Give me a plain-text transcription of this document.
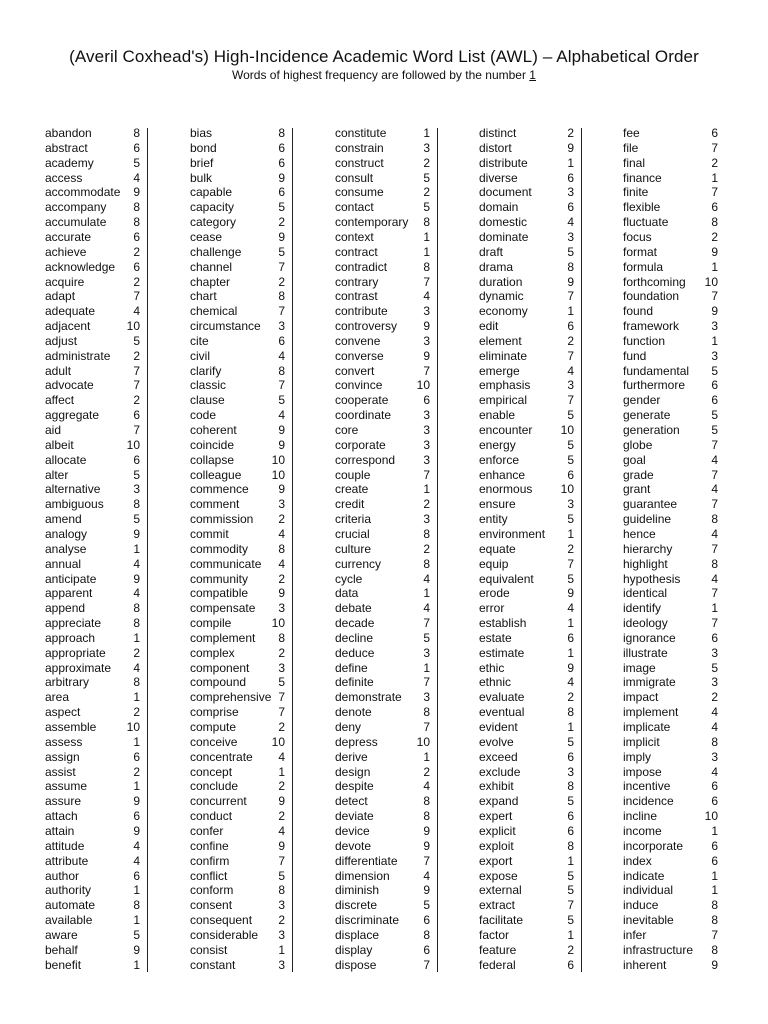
(Averil Coxhead's) High-Incidence Academic Word List (AWL) – Alphabetical Order
Words of highest frequency are followed by the number 1
abandon	8
abstract	6
academy	5
access	4
accommodate 9
accompany 8
accumulate 8
accurate	6
achieve	2
acknowledge 6
acquire	2
adapt	7
adequate	4
adjacent	10
adjust	5
administrate 2
adult	7
advocate	7
affect	2
aggregate	6
aid	7
albeit	10
allocate	6
alter	5
alternative	3
ambiguous 8
amend	5
analogy	9
analyse	1
annual	4
anticipate	9
apparent	4
append	8
appreciate	8
approach	1
appropriate 2
approximate 4
arbitrary	8
area	1
aspect	2
assemble	10
assess	1
assign	6
assist	2
assume	1
assure	9
attach	6
attain	9
attitude	4
attribute	4
author	6
authority	1
automate	8
available	1
aware	5
behalf	9
benefit	1
bias	8
bond	6
brief	6
bulk	9
capable	6
capacity	5
category	2
cease	9
challenge	5
channel	7
chapter	2
chart	8
chemical	7
circumstance 3
cite	6
civil	4
clarify	8
classic	7
clause	5
code	4
coherent	9
coincide	9
collapse	10
colleague	10
commence 9
comment	3
commission 2
commit	4
commodity	8
communicate 4
community	2
compatible	9
compensate 3
compile	10
complement 8
complex	2
component 3
compound	5
comprehensive 7
comprise	7
compute	2
conceive	10
concentrate 4
concept	1
conclude	2
concurrent	9
conduct	2
confer	4
confine	9
confirm	7
conflict	5
conform	8
consent	3
consequent 2
considerable 3
consist	1
constant	3
constitute	1
constrain	3
construct	2
consult	5
consume	2
contact	5
contemporary 8
context	1
contract	1
contradict	8
contrary	7
contrast	4
contribute	3
controversy 9
convene	3
converse	9
convert	7
convince	10
cooperate	6
coordinate	3
core	3
corporate	3
correspond 3
couple	7
create	1
credit	2
criteria	3
crucial	8
culture	2
currency	8
cycle	4
data	1
debate	4
decade	7
decline	5
deduce	3
define	1
definite	7
demonstrate 3
denote	8
deny	7
depress	10
derive	1
design	2
despite	4
detect	8
deviate	8
device	9
devote	9
differentiate 7
dimension	4
diminish	9
discrete	5
discriminate 6
displace	8
display	6
dispose	7
distinct	2
distort	9
distribute	1
diverse	6
document	3
domain	6
domestic	4
dominate	3
draft	5
drama	8
duration	9
dynamic	7
economy	1
edit	6
element	2
eliminate	7
emerge	4
emphasis	3
empirical	7
enable	5
encounter 10
energy	5
enforce	5
enhance	6
enormous 10
ensure	3
entity	5
environment 1
equate	2
equip	7
equivalent	5
erode	9
error	4
establish	1
estate	6
estimate	1
ethic	9
ethnic	4
evaluate	2
eventual	8
evident	1
evolve	5
exceed	6
exclude	3
exhibit	8
expand	5
expert	6
explicit	6
exploit	8
export	1
expose	5
external	5
extract	7
facilitate	5
factor	1
feature	2
federal	6
fee	6
file	7
final	2
finance	1
finite	7
flexible	6
fluctuate	8
focus	2
format	9
formula	1
forthcoming 10
foundation	7
found	9
framework	3
function	1
fund	3
fundamental 5
furthermore 6
gender	6
generate	5
generation	5
globe	7
goal	4
grade	7
grant	4
guarantee	7
guideline	8
hence	4
hierarchy	7
highlight	8
hypothesis	4
identical	7
identify	1
ideology	7
ignorance	6
illustrate	3
image	5
immigrate	3
impact	2
implement	4
implicate	4
implicit	8
imply	3
impose	4
incentive	6
incidence	6
incline	10
income	1
incorporate 6
index	6
indicate	1
individual	1
induce	8
inevitable	8
infer	7
infrastructure 8
inherent	9
